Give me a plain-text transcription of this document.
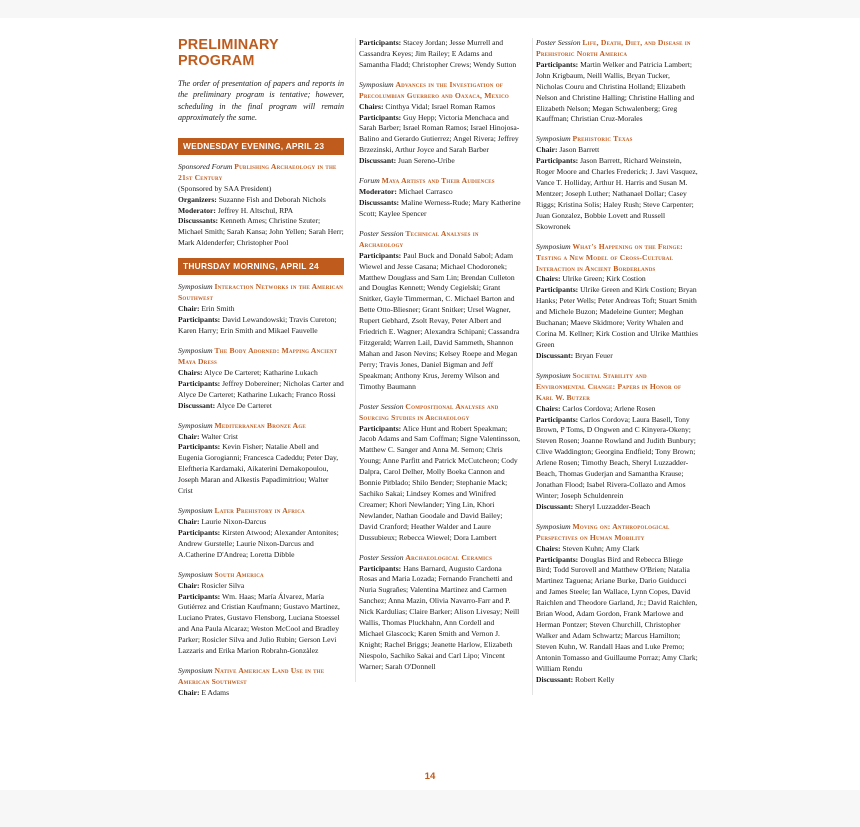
PRELIMINARY PROGRAM
The order of presentation of papers and reports in the preliminary program is tentative; however, scheduling in the final program will remain approximately the same.
WEDNESDAY EVENING, APRIL 23
Sponsored Forum Publishing Archaeology in the 21st Century
(Sponsored by SAA President)
Organizers: Suzanne Fish and Deborah Nichols
Moderator: Jeffrey H. Altschul, RPA
Discussants: Kenneth Ames; Christine Szuter; Michael Smith; Sarah Kansa; John Yellen; Sarah Herr; Mark Aldenderfer; Christopher Pool
THURSDAY MORNING, APRIL 24
Symposium Interaction Networks in the American Southwest
Chair: Erin Smith
Participants: David Lewandowski; Travis Cureton; Karen Harry; Erin Smith and Mikael Fauvelle
Symposium The Body Adorned: Mapping Ancient Maya Dress
Chairs: Alyce De Carteret; Katharine Lukach
Participants: Jeffrey Dobereiner; Nicholas Carter and Alyce De Carteret; Katharine Lukach; Franco Rossi
Discussant: Alyce De Carteret
Symposium Mediterranean Bronze Age
Chair: Walter Crist
Participants: Kevin Fisher; Natalie Abell and Eugenia Gorogianni; Francesca Cadeddu; Peter Day, Eleftheria Kardamaki, Aikaterini Demakopoulou, Joseph Maran and Alkestis Papadimitriou; Walter Crist
Symposium Later Prehistory in Africa
Chair: Laurie Nixon-Darcus
Participants: Kirsten Atwood; Alexander Antonites; Andrew Gurstelle; Laurie Nixon-Darcus and A.Catherine D'Andrea; Loretta Dibble
Symposium South America
Chair: Rosicler Silva
Participants: Wm. Haas; María Álvarez, María Gutiérrez and Cristian Kaufmann; Gustavo Martinez, Luciano Prates, Gustavo Flensborg, Luciana Stoessel and Ana Paula Alcaraz; Weston McCool and Bradley Parker; Rosicler Silva and Julio Rubin; Gerson Levi Lazzaris and Erika Marion Robrahn-Gonzàlez
Symposium Native American Land Use in the American Southwest
Chair: E Adams
Participants: Stacey Jordan; Jesse Murrell and Cassandra Keyes; Jim Railey; E Adams and Samantha Fladd; Christopher Crews; Wendy Sutton
Symposium Advances in the Investigation of Precolumbian Guerrero and Oaxaca, Mexico
Chairs: Cinthya Vidal; Israel Roman Ramos
Participants: Guy Hepp; Victoria Menchaca and Sarah Barber; Israel Roman Ramos; Israel Hinojosa-Balino and Gerardo Gutierrez; Angel Rivera; Jeffrey Brzezinski, Arthur Joyce and Sarah Barber
Discussant: Juan Sereno-Uribe
Forum Maya Artists and Their Audiences
Moderator: Michael Carrasco
Discussants: Maline Werness-Rude; Mary Katherine Scott; Kaylee Spencer
Poster Session Technical Analyses in Archaeology
Participants: Paul Buck and Donald Sabol; Adam Wiewel and Jesse Casana; Michael Chodoronek; Matthew Douglass and Sam Lin; Brendan Culleton and Douglas Kennett; Wendy Cegielski; Grant Snitker, Gayle Timmerman, C. Michael Barton and Bette Otto-Bliesner; Grant Snitker; Ursel Wagner, Rupert Gebhard, Zsolt Revay, Peter Albert and Friedrich E. Wagner; Alexandra Schipani; Cassandra Fitzgerald; Warren Lail, David Sammeth, Shannon Mahan and Jason Nevins; Kelsey Roepe and Megan Perry; Travis Jones, Daniel Bigman and Jeff Speakman; Anthony Krus, Jeremy Wilson and Timothy Baumann
Poster Session Compositional Analyses and Sourcing Studies in Archaeology
Participants: Alice Hunt and Robert Speakman; Jacob Adams and Sam Coffman; Signe Valentinsson, Matthew C. Sanger and Anna M. Semon; Chris Young; Anne Parfitt and Patrick McCutcheon; Cody Dalpra, Carol Delher, Molly Boeka Cannon and Bonnie Pitblado; Shilo Bender; Stephanie Mack; Sachiko Sakai; Lindsey Komes and Winifred Creamer; Khori Newlander; Ying Lin, Khori Newlander, Nathan Goodale and David Bailey; David Cranford; Heather Walder and Laure Dussubieux; Rebecca Wiewel; Dora Lambert
Poster Session Archaeological Ceramics
Participants: Hans Barnard, Augusto Cardona Rosas and Maria Lozada; Fernando Franchetti and Nuria Sugrañes; Valentina Martinez and Carmen Sanchez; Anna Mazin, Olivia Navarro-Farr and P. Nick Kardulias; Claire Barker; Alison Livesay; Neill Wallis, Thomas Pluckhahn, Ann Cordell and Michael Glascock; Karen Smith and Vernon J. Knight; Rachel Briggs; Jeanette Harlow, Elizabeth Niespolo, Sachiko Sakai and Carl Lipo; Vincent Warner; Sarah O'Donnell
Poster Session Life, Death, Diet, and Disease in Prehistoric North America
Participants: Martin Welker and Patricia Lambert; John Krigbaum, Neill Wallis, Bryan Tucker, Nicholas Couru and Christina Holland; Elizabeth Nelson and Christine Halling; Christine Halling and Elizabeth Nelson; Megan Schwalenberg; Greg Kauffman; Christian Cruz-Morales
Symposium Prehistoric Texas
Chair: Jason Barrett
Participants: Jason Barrett, Richard Weinstein, Roger Moore and Charles Frederick; J. Javi Vasquez, Vance T. Holliday, Arthur H. Harris and Susan M. Mentzer; Joseph Luther; Nathanael Dollar; Casey Riggs; Kristina Solis; Haley Rush; Steve Carpenter; Juan Gonzalez, Bobbie Lovett and Russell Skowronek
Symposium What's Happening on the Fringe: Testing a New Model of Cross-Cultural Interaction in Ancient Borderlands
Chairs: Ulrike Green; Kirk Costion
Participants: Ulrike Green and Kirk Costion; Bryan Hanks; Peter Wells; Peter Andreas Toft; Stuart Smith and Michele Buzon; Madeleine Gunter; Meghan Buchanan; Maeve Skidmore; Verity Whalen and Corina M. Kellner; Kirk Costion and Ulrike Matthies Green
Discussant: Bryan Feuer
Symposium Societal Stability and Environmental Change: Papers in Honor of Karl W. Butzer
Chairs: Carlos Cordova; Arlene Rosen
Participants: Carlos Cordova; Laura Basell, Tony Brown, P Toms, D Ongwen and C Kinyera-Okeny; Steven Rosen; Joanne Rowland and Judith Bunbury; Clive Waddington; Georgina Endfield; Tony Brown; Arlene Rosen; Timothy Beach, Sheryl Luzzadder-Beach, Thomas Guderjan and Samantha Krause; Jonathan Flood; Isabel Rivera-Collazo and Amos Winter; Joseph Schuldenrein
Discussant: Sheryl Luzzadder-Beach
Symposium Moving on: Anthropological Perspectives on Human Mobility
Chairs: Steven Kuhn; Amy Clark
Participants: Douglas Bird and Rebecca Bliege Bird; Todd Surovell and Matthew O'Brien; Natalia Martinez Taguena; Ariane Burke, Dario Guiducci and James Steele; Ian Wallace, Lynn Copes, David Raichlen and Theodore Garland, Jr.; David Raichlen, Brian Wood, Adam Gordon, Frank Marlowe and Herman Pontzer; Steven Churchill, Christopher Walker and Adam Schwartz; Marcus Hamilton; Steven Kuhn, W. Randall Haas and Luke Premo; Antonin Tomasso and Guillaume Porraz; Amy Clark; William Rendu
Discussant: Robert Kelly
14
